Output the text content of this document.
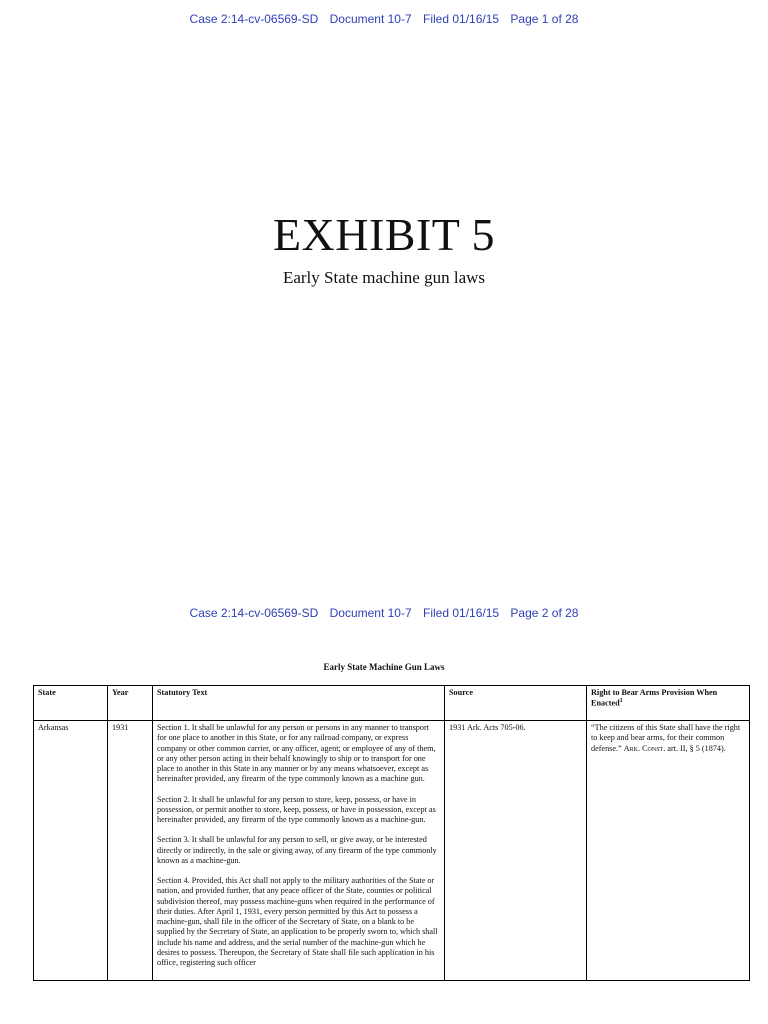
Case 2:14-cv-06569-SD Document 10-7 Filed 01/16/15 Page 1 of 28
EXHIBIT 5
Early State machine gun laws
Case 2:14-cv-06569-SD Document 10-7 Filed 01/16/15 Page 2 of 28
Early State Machine Gun Laws
State	Year	Statutory Text	Source	Right to Bear Arms Provision When Enacted$^1$
Arkansas	1931	Section 1. It shall be unlawful for any person or persons in any manner to transport for one place to another in this State, or for any railroad company, or express company or other common carrier, or any officer, agent; or employee of any of them, or any other person acting in their behalf knowingly to ship or to transport for one place to another in this State in any manner or by any means whatsoever, except as hereinafter provided, any firearm of the type commonly known as a machine gun.

Section 2. It shall be unlawful for any person to store, keep, possess, or have in possession, or permit another to store, keep, possess, or have in possession, except as hereinafter provided, any firearm of the type commonly known as a machine-gun.

Section 3. It shall be unlawful for any person to sell, or give away, or be interested directly or indirectly, in the sale or giving away, of any firearm of the type commonly known as a machine-gun.

Section 4. Provided, this Act shall not apply to the military authorities of the State or nation, and provided further, that any peace officer of the State, counties or political subdivision thereof, may possess machine-guns when required in the performance of their duties. After April 1, 1931, every person permitted by this Act to possess a machine-gun, shall file in the officer of the Secretary of State, on a blank to be supplied by the Secretary of State, an application to be properly sworn to, which shall include his name and address, and the serial number of the machine-gun which he desires to possess. Thereupon, the Secretary of State shall file such application in his office, registering such officer	1931 Ark. Acts 705-06.	“The citizens of this State shall have the right to keep and bear arms, for their common defense.” Ark. Const. art. II, § 5 (1874).
